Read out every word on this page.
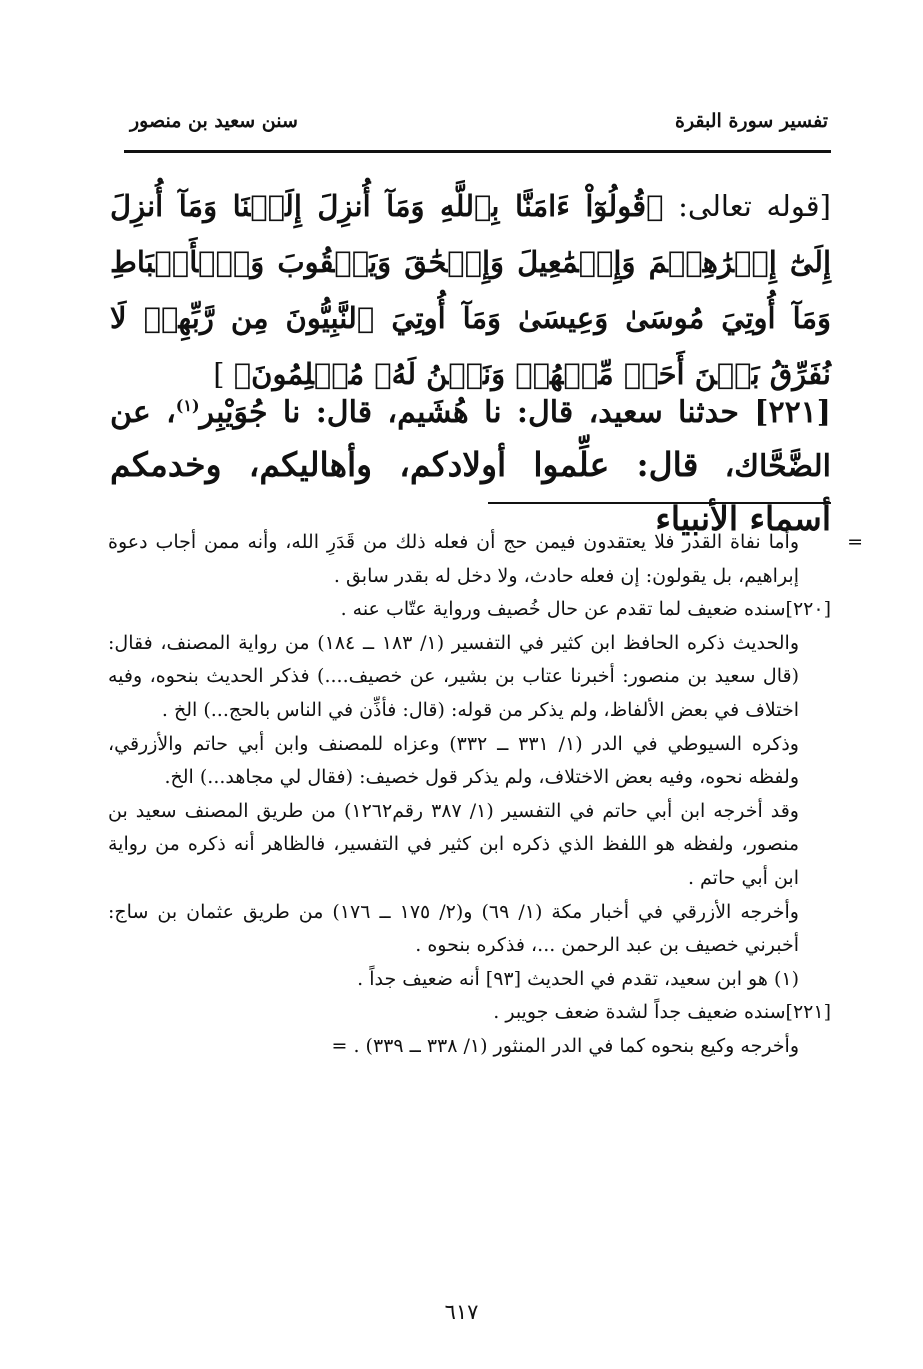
تفسير سورة البقرة
سنن سعيد بن منصور
[قوله تعالى: ﴿قُولُوٓاْ ءَامَنَّا بِٱللَّهِ وَمَآ أُنزِلَ إِلَيۡنَا وَمَآ أُنزِلَ إِلَىٰٓ إِبۡرَٰهِـۧمَ وَإِسۡمَٰعِيلَ وَإِسۡحَٰقَ وَيَعۡقُوبَ وَٱلۡأَسۡبَاطِ وَمَآ أُوتِيَ مُوسَىٰ وَعِيسَىٰ وَمَآ أُوتِيَ ٱلنَّبِيُّونَ مِن رَّبِّهِمۡ لَا نُفَرِّقُ بَيۡنَ أَحَدٖ مِّنۡهُمۡ وَنَحۡنُ لَهُۥ مُسۡلِمُونَ﴾ ]
[٢٢١] حدثنا سعيد، قال: نا هُشَيم، قال: نا جُوَيْبِر$^{(١)}$، عن الضَّحَّاك، قال: علِّموا أولادكم، وأهاليكم، وخدمكم أسماء الأنبياء

=وأما نفاة القدر فلا يعتقدون فيمن حج أن فعله ذلك من قَدَرِ الله، وأنه ممن أجاب دعوة إبراهيم، بل يقولون: إن فعله حادث، ولا دخل له بقدر سابق .

[٢٢٠]سنده ضعيف لما تقدم عن حال خُصيف ورواية عتّاب عنه .

والحديث ذكره الحافظ ابن كثير في التفسير (١/ ١٨٣ ــ ١٨٤) من رواية المصنف، فقال: (قال سعيد بن منصور: أخبرنا عتاب بن بشير، عن خصيف....) فذكر الحديث بنحوه، وفيه اختلاف في بعض الألفاظ، ولم يذكر من قوله: (قال: فأذِّن في الناس بالحج...) الخ .

وذكره السيوطي في الدر (١/ ٣٣١ ــ ٣٣٢) وعزاه للمصنف وابن أبي حاتم والأزرقي، ولفظه نحوه، وفيه بعض الاختلاف، ولم يذكر قول خصيف: (فقال لي مجاهد...) الخ.

وقد أخرجه ابن أبي حاتم في التفسير (١/ ٣٨٧ رقم١٢٦٢) من طريق المصنف سعيد بن منصور، ولفظه هو اللفظ الذي ذكره ابن كثير في التفسير، فالظاهر أنه ذكره من رواية ابن أبي حاتم .

وأخرجه الأزرقي في أخبار مكة (١/ ٦٩) و(٢/ ١٧٥ ــ ١٧٦) من طريق عثمان بن ساج: أخبرني خصيف بن عبد الرحمن ...، فذكره بنحوه .

(١) هو ابن سعيد، تقدم في الحديث [٩٣] أنه ضعيف جداً .

[٢٢١]سنده ضعيف جداً لشدة ضعف جويبر .

وأخرجه وكيع بنحوه كما في الدر المنثور (١/ ٣٣٨ ــ ٣٣٩) . =

٦١٧
